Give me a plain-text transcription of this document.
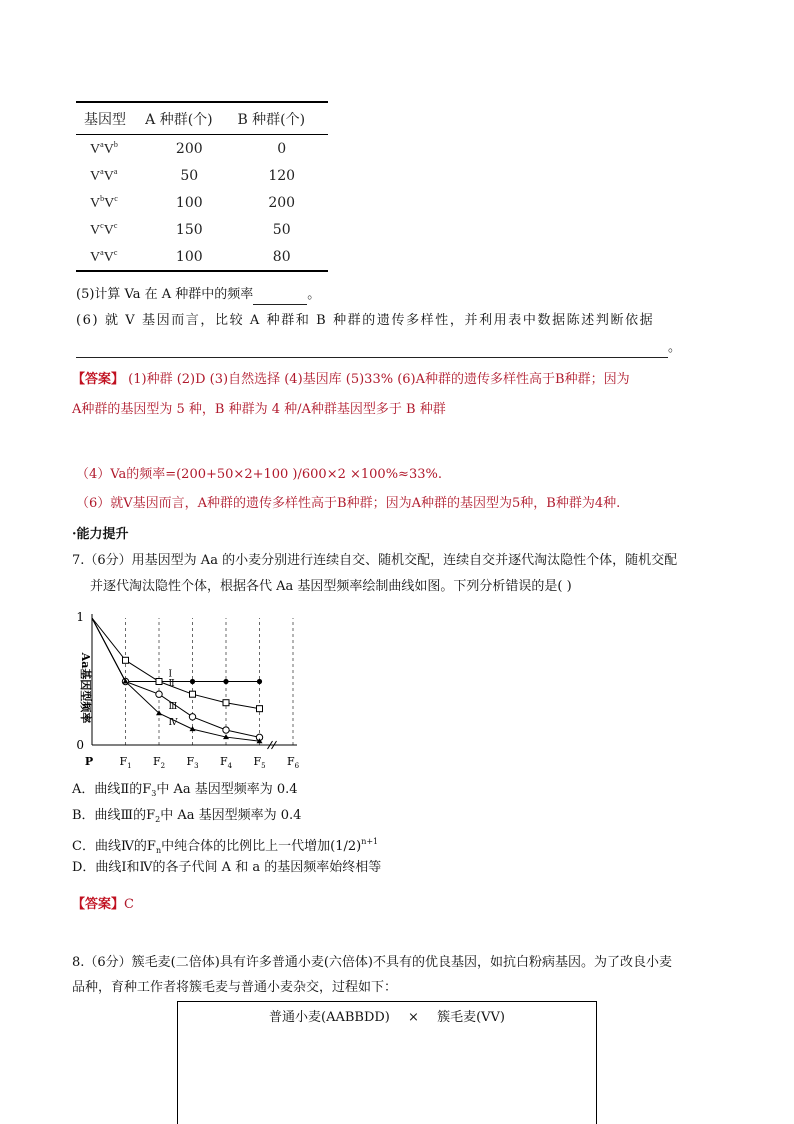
基因型	A 种群(个)	B 种群(个)
$V^aV^b$	200	0
$V^aV^a$	50	120
$V^bV^c$	100	200
$V^cV^c$	150	50
$V^aV^c$	100	80
(5)计算 Va 在 A 种群中的频率	。
(6) 就 V 基因而言，比较 A 种群和 B 种群的遗传多样性，并利用表中数据陈述判断依据
。
【答案】 (1)种群 (2)D (3)自然选择 (4)基因库 (5)33% (6)A种群的遗传多样性高于B种群；因为
A种群的基因型为 5 种，B 种群为 4 种/A种群基因型多于 B 种群
（4）Va的频率=(200+50×2+100 )/600×2 ×100%≈33%.
（6）就V基因而言，A种群的遗传多样性高于B种群；因为A种群的基因型为5种，B种群为4种.
·能力提升
7.（6分）用基因型为 Aa 的小麦分别进行连续自交、随机交配，连续自交并逐代淘汰隐性个体，随机交配
并逐代淘汰隐性个体，根据各代 Aa 基因型频率绘制曲线如图。下列分析错误的是( )
1
0
P $F_1$ $F_2$ $F_3$ $F_4$ $F_5$ $F_6$
Aa基因型频率	Ⅰ
Ⅱ
Ⅲ
Ⅳ
A．曲线Ⅱ的$F_3$中 Aa 基因型频率为 0.4
B．曲线Ⅲ的$F_2$中 Aa 基因型频率为 0.4
C．曲线Ⅳ的$F_n$中纯合体的比例比上一代增加$(1/2)^{n+1}$
D．曲线Ⅰ和Ⅳ的各子代间 A 和 a 的基因频率始终相等
【答案】C
8.（6分）簇毛麦(二倍体)具有许多普通小麦(六倍体)不具有的优良基因，如抗白粉病基因。为了改良小麦
品种，育种工作者将簇毛麦与普通小麦杂交，过程如下：
普通小麦(AABBDD) × 簇毛麦(VV)
